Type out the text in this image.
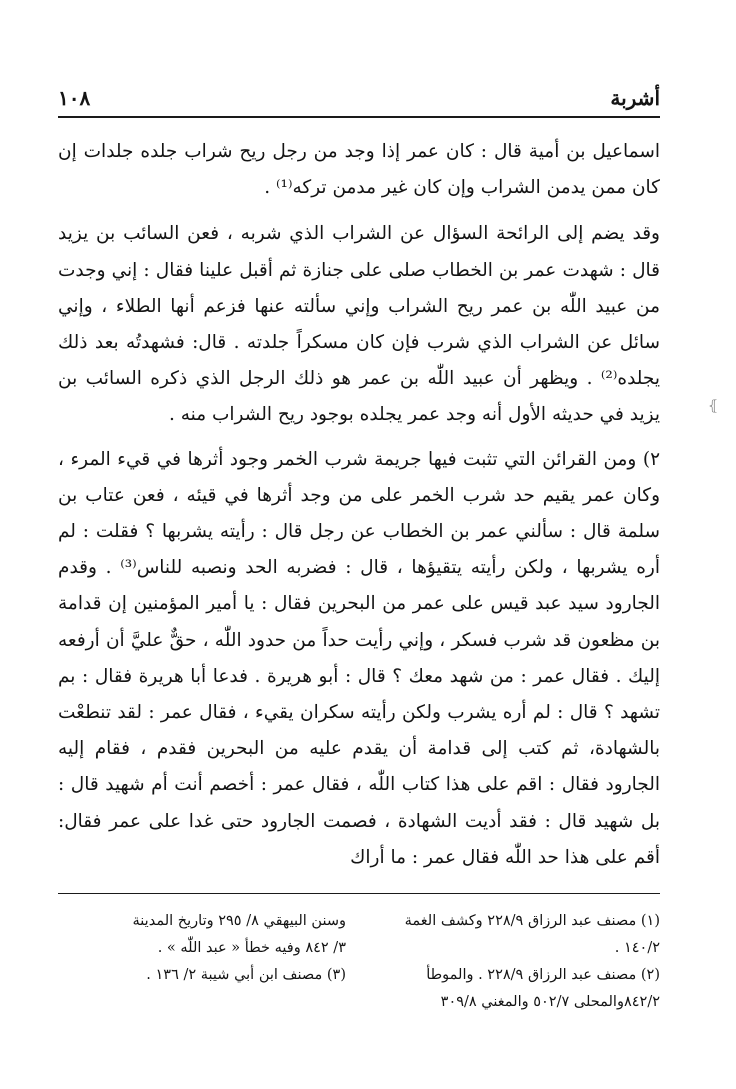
١٠٨	أشربة

اسماعيل بن أمية قال : كان عمر إذا وجد من رجل ريح شراب جلده جلدات إن كان ممن يدمن الشراب وإن كان غير مدمن تركه⁽¹⁾ .

وقد يضم إلى الرائحة السؤال عن الشراب الذي شربه ، فعن السائب بن يزيد قال : شهدت عمر بن الخطاب صلى على جنازة ثم أقبل علينا فقال : إني وجدت من عبيد اللّٰه بن عمر ريح الشراب وإني سألته عنها فزعم أنها الطلاء ، وإني سائل عن الشراب الذي شرب فإن كان مسكراً جلدته . قال: فشهدتُه بعد ذلك يجلده⁽²⁾ . ويظهر أن عبيد اللّٰه بن عمر هو ذلك الرجل الذي ذكره السائب بن يزيد في حديثه الأول أنه وجد عمر يجلده بوجود ريح الشراب منه .

٢) ومن القرائن التي تثبت فيها جريمة شرب الخمر وجود أثرها في قيء المرء ، وكان عمر يقيم حد شرب الخمر على من وجد أثرها في قيئه ، فعن عتاب بن سلمة قال : سألني عمر بن الخطاب عن رجل قال : رأيته يشربها ؟ فقلت : لم أره يشربها ، ولكن رأيته يتقيؤها ، قال : فضربه الحد ونصبه للناس⁽³⁾ . وقدم الجارود سيد عبد قيس على عمر من البحرين فقال : يا أمير المؤمنين إن قدامة بن مظعون قد شرب فسكر ، وإني رأيت حداً من حدود اللّٰه ، حقٌّ عليَّ أن أرفعه إليك . فقال عمر : من شهد معك ؟ قال : أبو هريرة . فدعا أبا هريرة فقال : بم تشهد ؟ قال : لم أره يشرب ولكن رأيته سكران يقيء ، فقال عمر : لقد تنطعْت بالشهادة، ثم كتب إلى قدامة أن يقدم عليه من البحرين فقدم ، فقام إليه الجارود فقال : اقم على هذا كتاب اللّٰه ، فقال عمر : أخصم أنت أم شهيد قال : بل شهيد قال : فقد أديت الشهادة ، فصمت الجارود حتى غدا على عمر فقال: أقم على هذا حد اللّٰه فقال عمر : ما أراك

⦃
(١) مصنف عبد الرزاق ٢٢٨/٩ وكشف الغمة
١٤٠/٢ .
(٢) مصنف عبد الرزاق ٢٢٨/٩ . والموطأ
٨٤٢/٢والمحلى ٥٠٢/٧ والمغني ٣٠٩/٨
وسنن البيهقي ٨/ ٢٩٥ وتاريخ المدينة
٣/ ٨٤٢ وفيه خطأ « عبد اللّٰه » .
(٣) مصنف ابن أبي شيبة ٢/ ١٣٦ .
